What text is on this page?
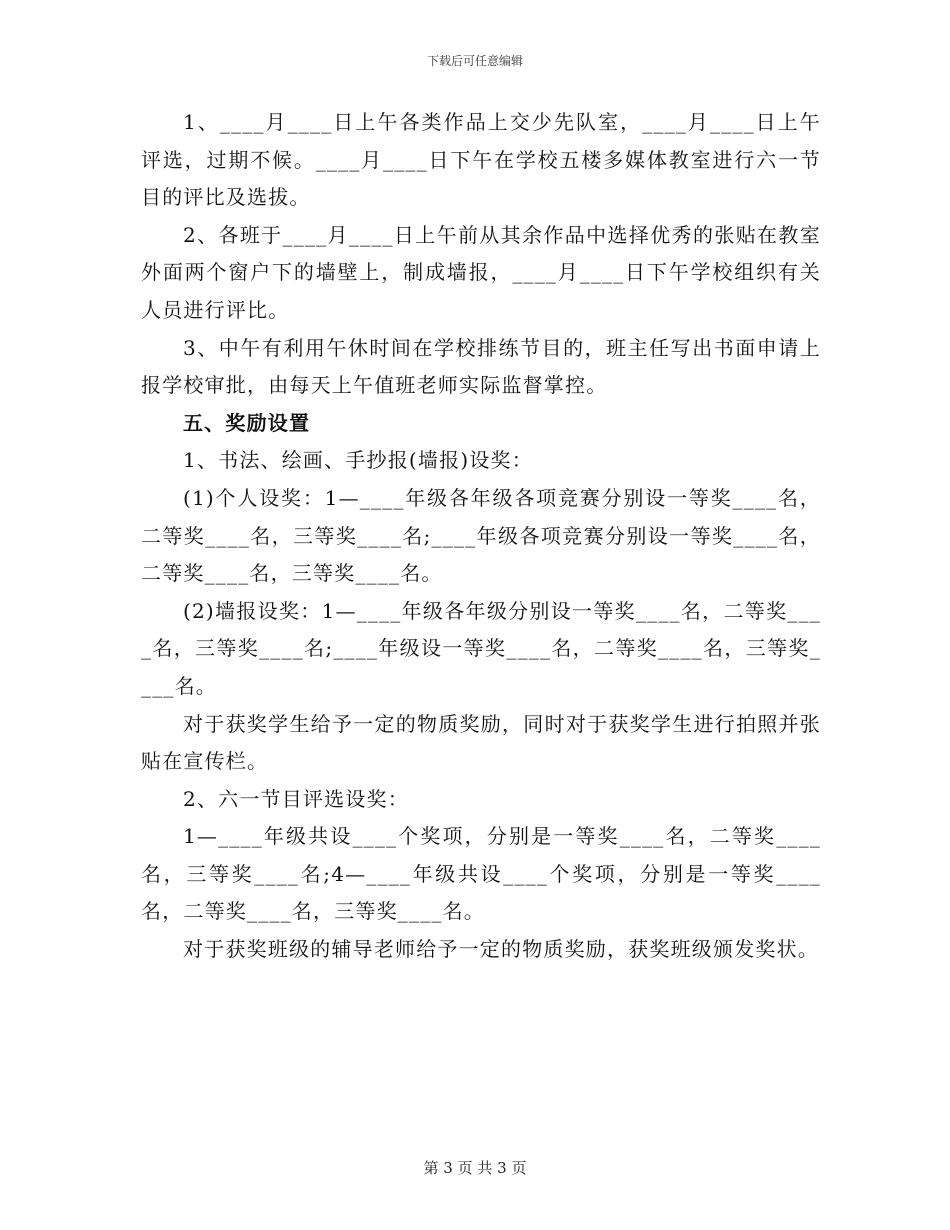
下载后可任意编辑

1、____月____日上午各类作品上交少先队室，____月____日上午评选，过期不候。____月____日下午在学校五楼多媒体教室进行六一节目的评比及选拔。

2、各班于____月____日上午前从其余作品中选择优秀的张贴在教室外面两个窗户下的墙壁上，制成墙报，____月____日下午学校组织有关人员进行评比。

3、中午有利用午休时间在学校排练节目的，班主任写出书面申请上报学校审批，由每天上午值班老师实际监督掌控。

五、奖励设置

1、书法、绘画、手抄报(墙报)设奖：

(1)个人设奖：1—____年级各年级各项竞赛分别设一等奖____名，二等奖____名，三等奖____名;____年级各项竞赛分别设一等奖____名，二等奖____名，三等奖____名。

(2)墙报设奖：1—____年级各年级分别设一等奖____名，二等奖____名，三等奖____名;____年级设一等奖____名，二等奖____名，三等奖____名。

对于获奖学生给予一定的物质奖励，同时对于获奖学生进行拍照并张贴在宣传栏。

2、六一节目评选设奖：

1—____年级共设____个奖项，分别是一等奖____名，二等奖____名，三等奖____名;4—____年级共设____个奖项，分别是一等奖____名，二等奖____名，三等奖____名。

对于获奖班级的辅导老师给予一定的物质奖励，获奖班级颁发奖状。

第 3 页 共 3 页
